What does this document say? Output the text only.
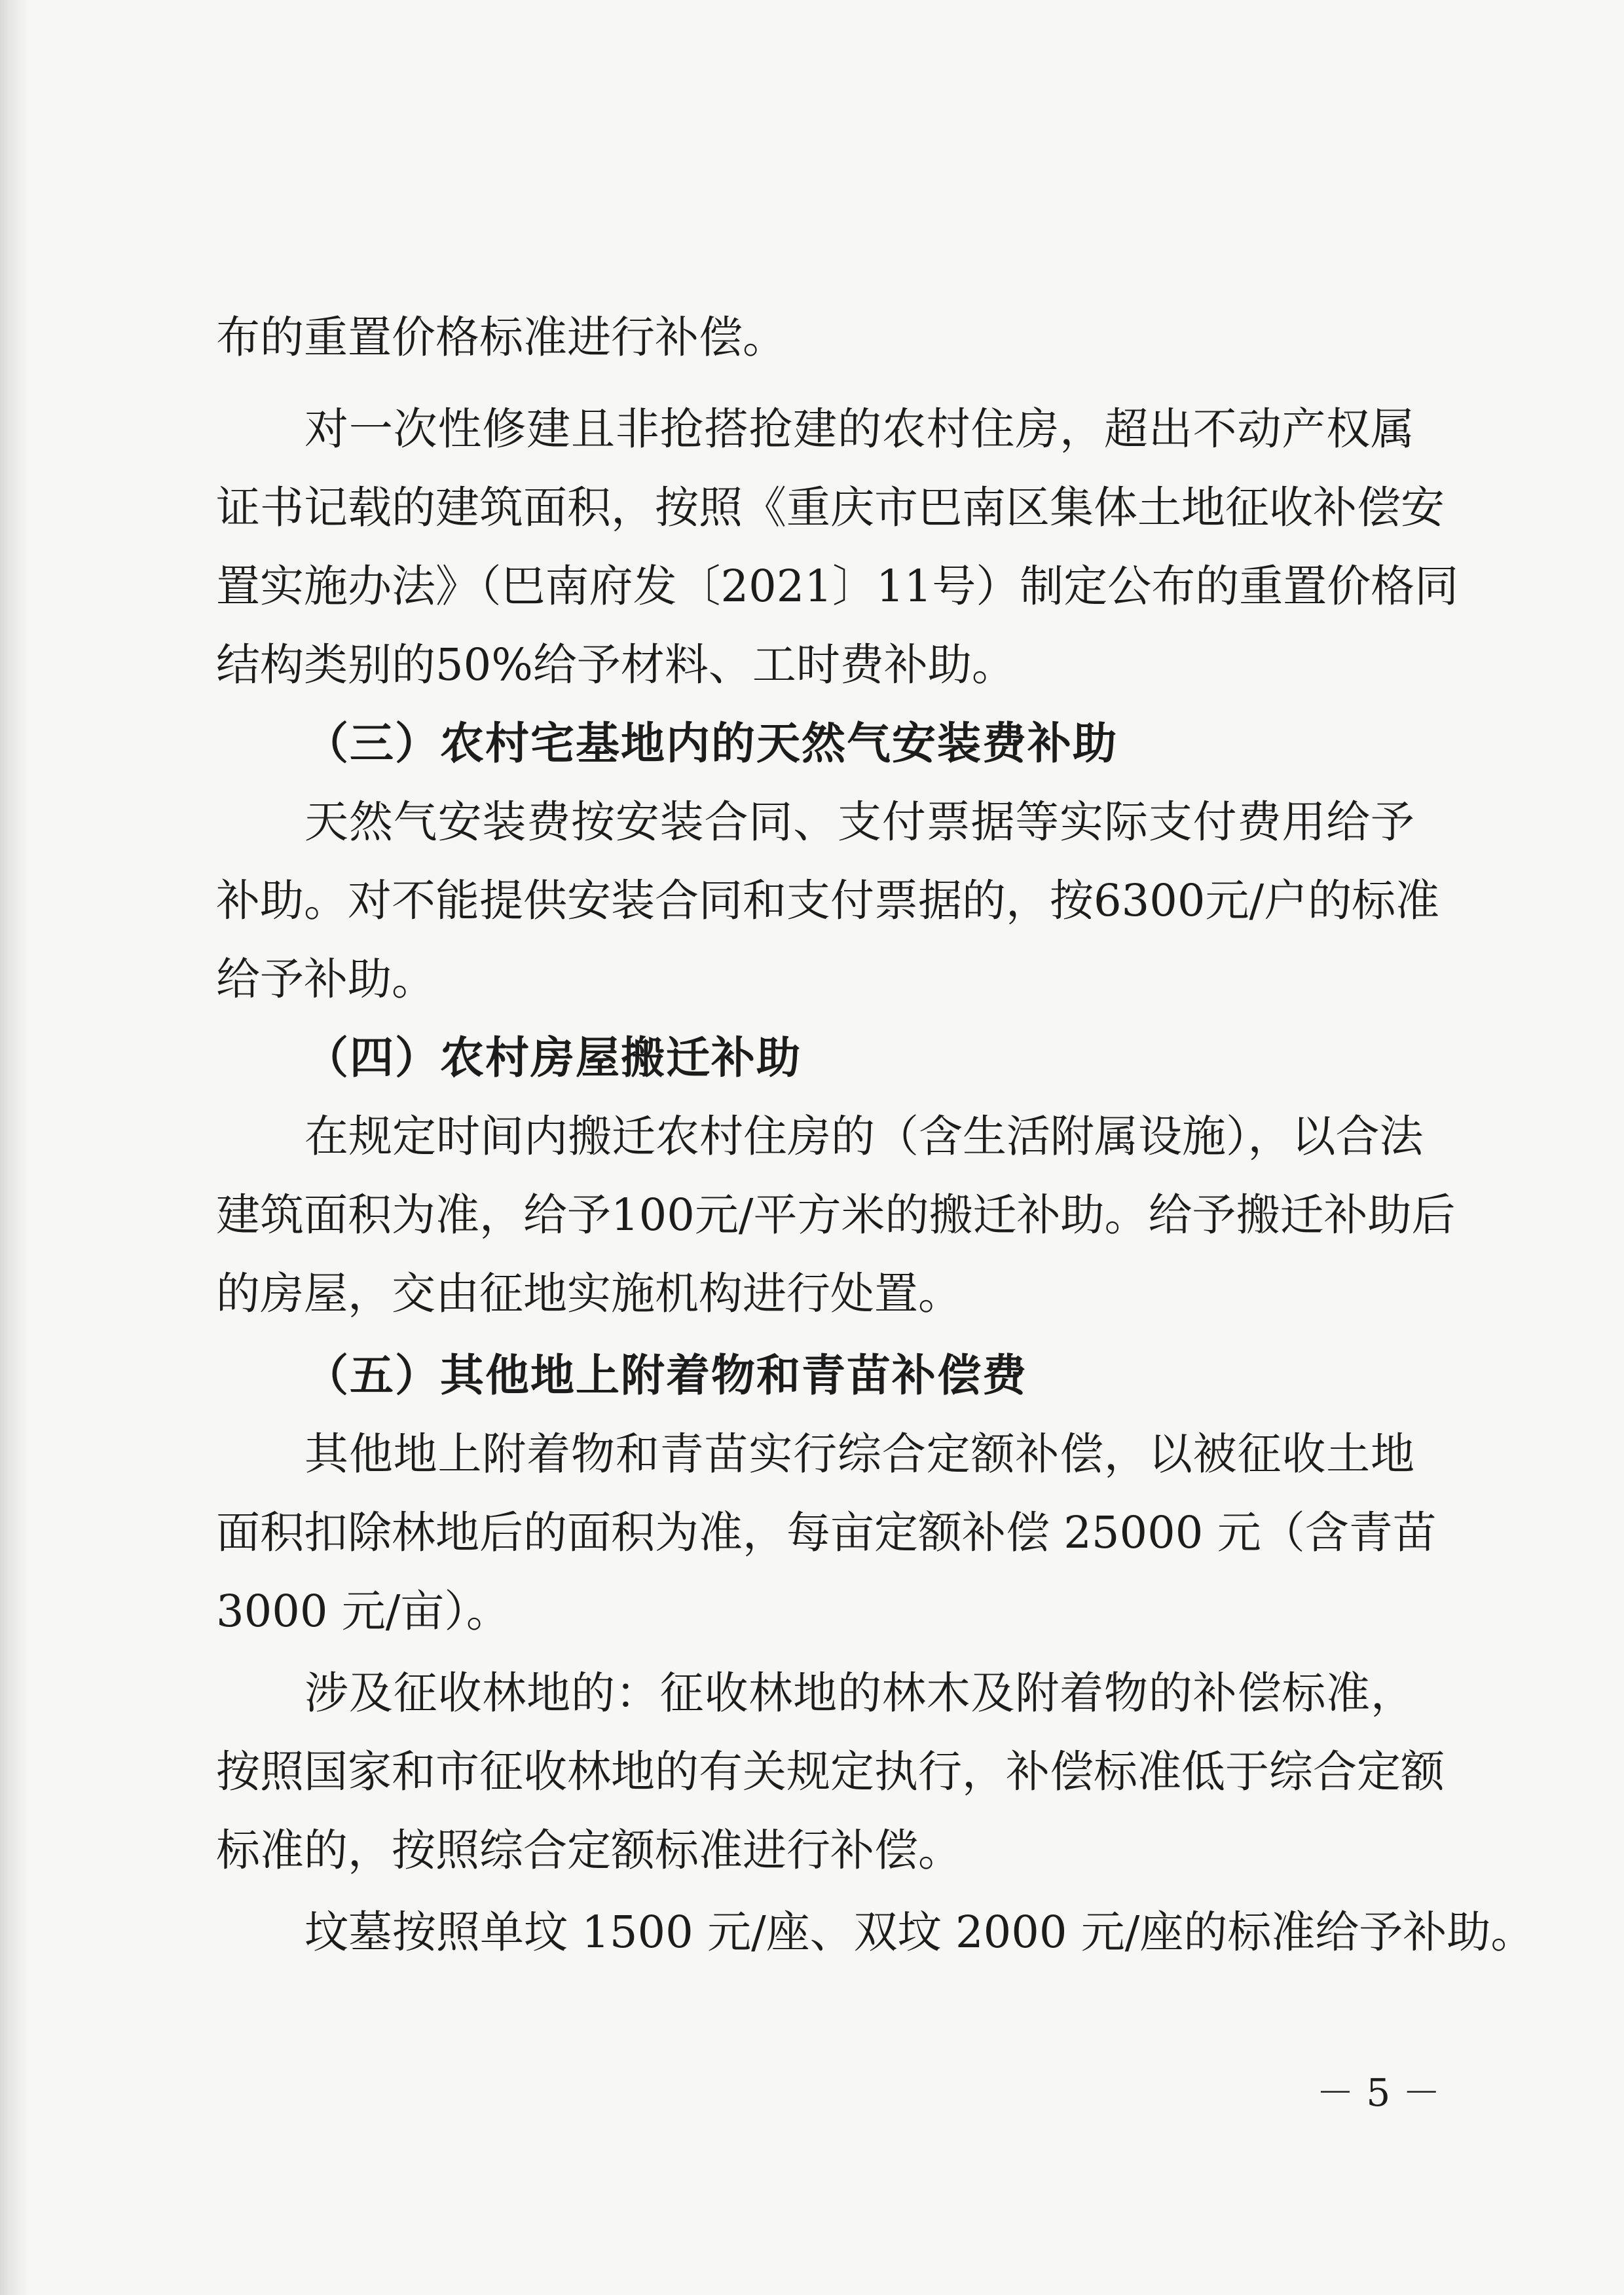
布的重置价格标准进行补偿。
对一次性修建且非抢搭抢建的农村住房，超出不动产权属
证书记载的建筑面积，按照《重庆市巴南区集体土地征收补偿安
置实施办法》（巴南府发〔2021〕11号）制定公布的重置价格同
结构类别的50%给予材料、工时费补助。
（三）农村宅基地内的天然气安装费补助
天然气安装费按安装合同、支付票据等实际支付费用给予
补助。对不能提供安装合同和支付票据的，按6300元/户的标准
给予补助。
（四）农村房屋搬迁补助
在规定时间内搬迁农村住房的（含生活附属设施），以合法
建筑面积为准，给予100元/平方米的搬迁补助。给予搬迁补助后
的房屋，交由征地实施机构进行处置。
（五）其他地上附着物和青苗补偿费
其他地上附着物和青苗实行综合定额补偿，以被征收土地
面积扣除林地后的面积为准，每亩定额补偿 25000 元（含青苗
3000 元/亩）。
涉及征收林地的：征收林地的林木及附着物的补偿标准，
按照国家和市征收林地的有关规定执行，补偿标准低于综合定额
标准的，按照综合定额标准进行补偿。
坟墓按照单坟 1500 元/座、双坟 2000 元/座的标准给予补助。
－ 5 －
